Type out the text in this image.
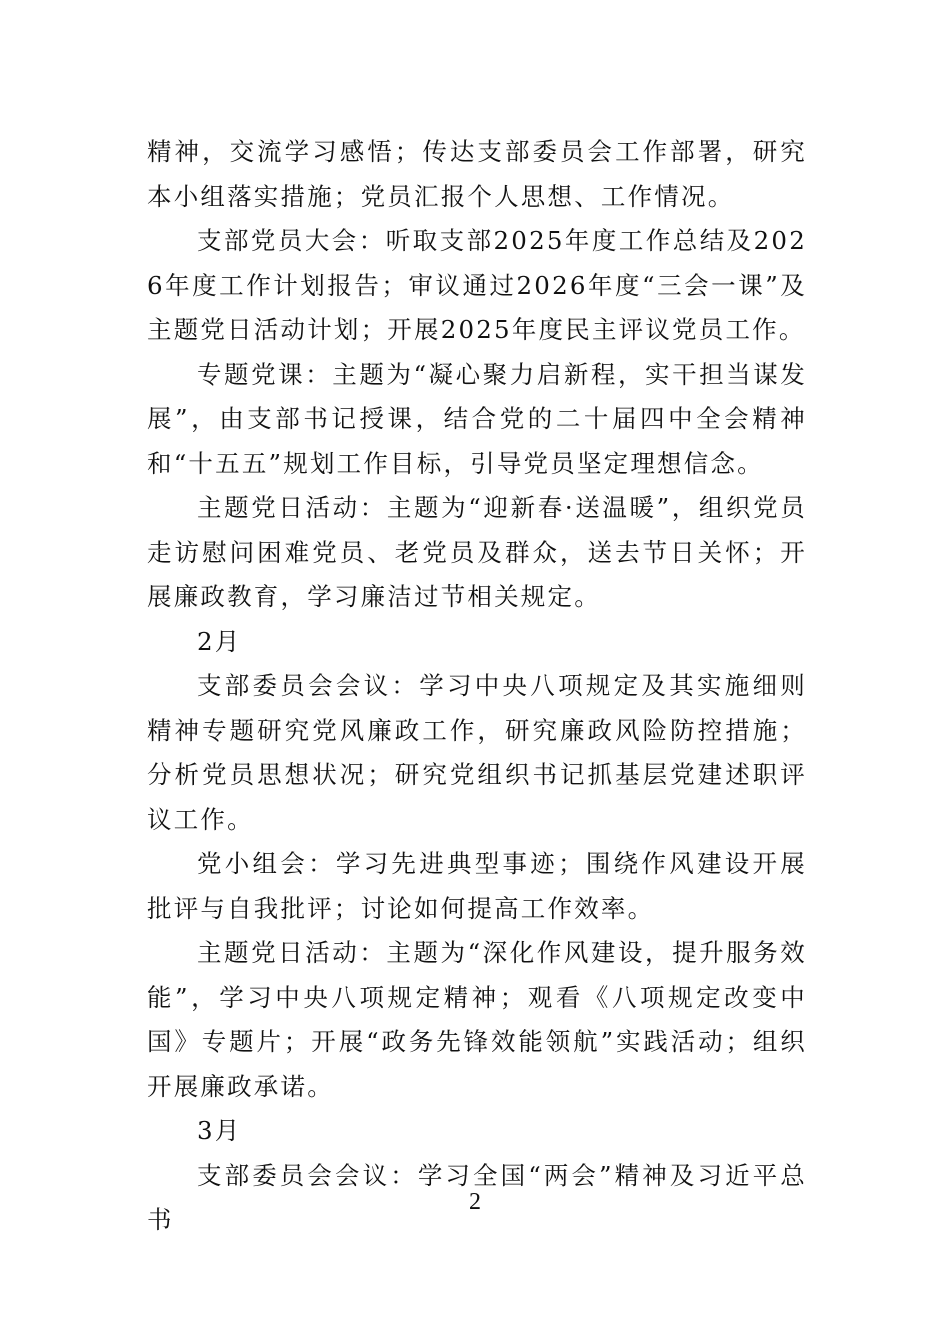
精神，交流学习感悟；传达支部委员会工作部署，研究本小组落实措施；党员汇报个人思想、工作情况。

支部党员大会：听取支部2025年度工作总结及2026年度工作计划报告；审议通过2026年度“三会一课”及主题党日活动计划；开展2025年度民主评议党员工作。

专题党课：主题为“凝心聚力启新程，实干担当谋发展”，由支部书记授课，结合党的二十届四中全会精神和“十五五”规划工作目标，引导党员坚定理想信念。

主题党日活动：主题为“迎新春·送温暖”，组织党员走访慰问困难党员、老党员及群众，送去节日关怀；开展廉政教育，学习廉洁过节相关规定。

2月

支部委员会会议：学习中央八项规定及其实施细则精神专题研究党风廉政工作，研究廉政风险防控措施；分析党员思想状况；研究党组织书记抓基层党建述职评议工作。

党小组会：学习先进典型事迹；围绕作风建设开展批评与自我批评；讨论如何提高工作效率。

主题党日活动：主题为“深化作风建设，提升服务效能”，学习中央八项规定精神；观看《八项规定改变中国》专题片；开展“政务先锋效能领航”实践活动；组织开展廉政承诺。

3月

支部委员会会议：学习全国“两会”精神及习近平总书

2
